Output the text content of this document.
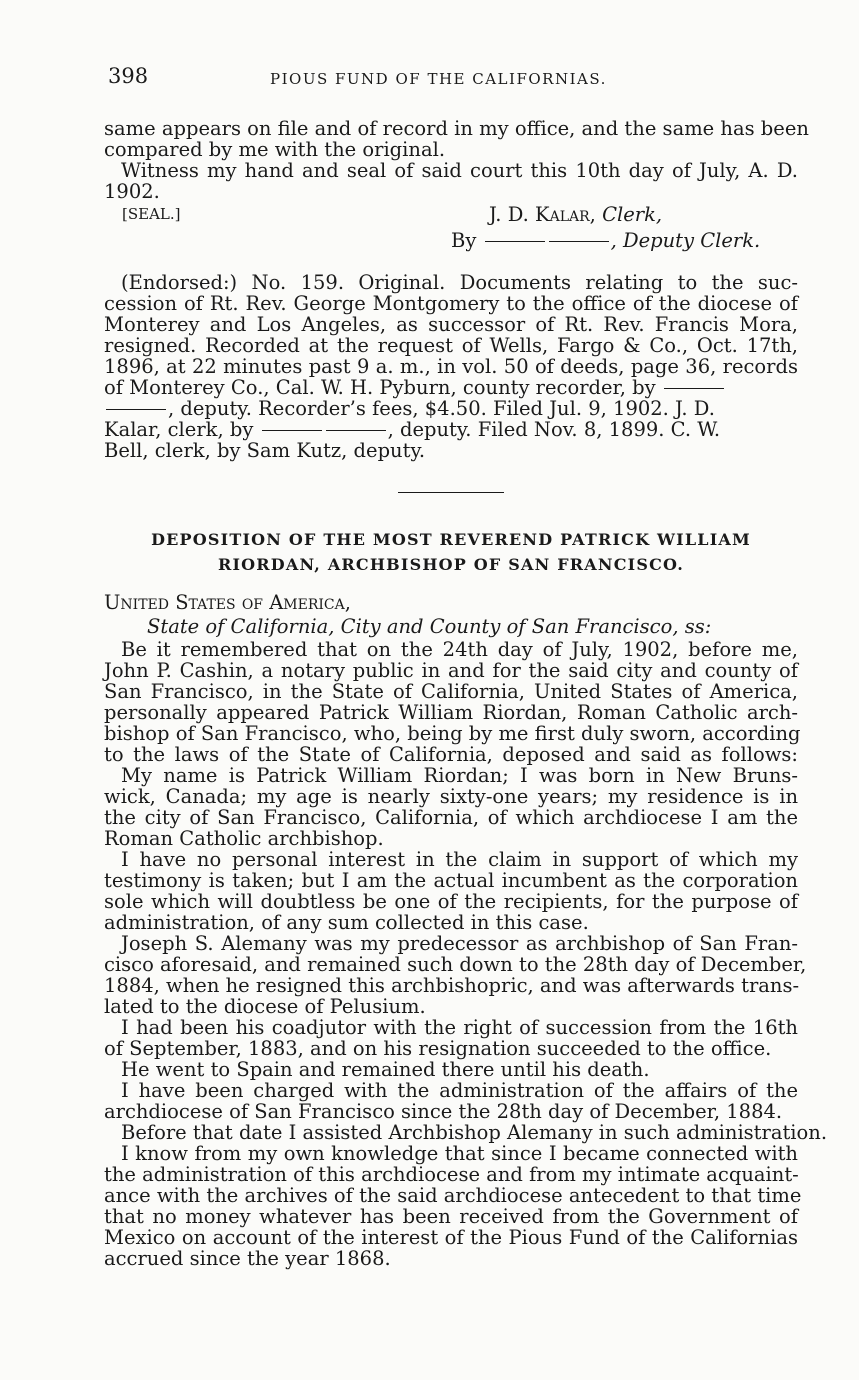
398	PIOUS FUND OF THE CALIFORNIAS.
same appears on file and of record in my office, and the same has been
compared by me with the original.
Witness my hand and seal of said court this 10th day of July, A. D.
1902.
[SEAL.]	J. D. Kalar, Clerk,
By	, Deputy Clerk.
(Endorsed:) No. 159. Original. Documents relating to the suc-
cession of Rt. Rev. George Montgomery to the office of the diocese of
Monterey and Los Angeles, as successor of Rt. Rev. Francis Mora,
resigned. Recorded at the request of Wells, Fargo & Co., Oct. 17th,
1896, at 22 minutes past 9 a. m., in vol. 50 of deeds, page 36, records
of Monterey Co., Cal. W. H. Pyburn, county recorder, by
, deputy. Recorder’s fees, $4.50. Filed Jul. 9, 1902. J. D.
Kalar, clerk, by	, deputy. Filed Nov. 8, 1899. C. W.
Bell, clerk, by Sam Kutz, deputy.
DEPOSITION OF THE MOST REVEREND PATRICK WILLIAM
RIORDAN, ARCHBISHOP OF SAN FRANCISCO.
United States of America,
State of California, City and County of San Francisco, ss:
Be it remembered that on the 24th day of July, 1902, before me,
John P. Cashin, a notary public in and for the said city and county of
San Francisco, in the State of California, United States of America,
personally appeared Patrick William Riordan, Roman Catholic arch-
bishop of San Francisco, who, being by me first duly sworn, according
to the laws of the State of California, deposed and said as follows:
My name is Patrick William Riordan; I was born in New Bruns-
wick, Canada; my age is nearly sixty-one years; my residence is in
the city of San Francisco, California, of which archdiocese I am the
Roman Catholic archbishop.
I have no personal interest in the claim in support of which my
testimony is taken; but I am the actual incumbent as the corporation
sole which will doubtless be one of the recipients, for the purpose of
administration, of any sum collected in this case.
Joseph S. Alemany was my predecessor as archbishop of San Fran-
cisco aforesaid, and remained such down to the 28th day of December,
1884, when he resigned this archbishopric, and was afterwards trans-
lated to the diocese of Pelusium.
I had been his coadjutor with the right of succession from the 16th
of September, 1883, and on his resignation succeeded to the office.
He went to Spain and remained there until his death.
I have been charged with the administration of the affairs of the
archdiocese of San Francisco since the 28th day of December, 1884.
Before that date I assisted Archbishop Alemany in such administration.
I know from my own knowledge that since I became connected with
the administration of this archdiocese and from my intimate acquaint-
ance with the archives of the said archdiocese antecedent to that time
that no money whatever has been received from the Government of
Mexico on account of the interest of the Pious Fund of the Californias
accrued since the year 1868.
